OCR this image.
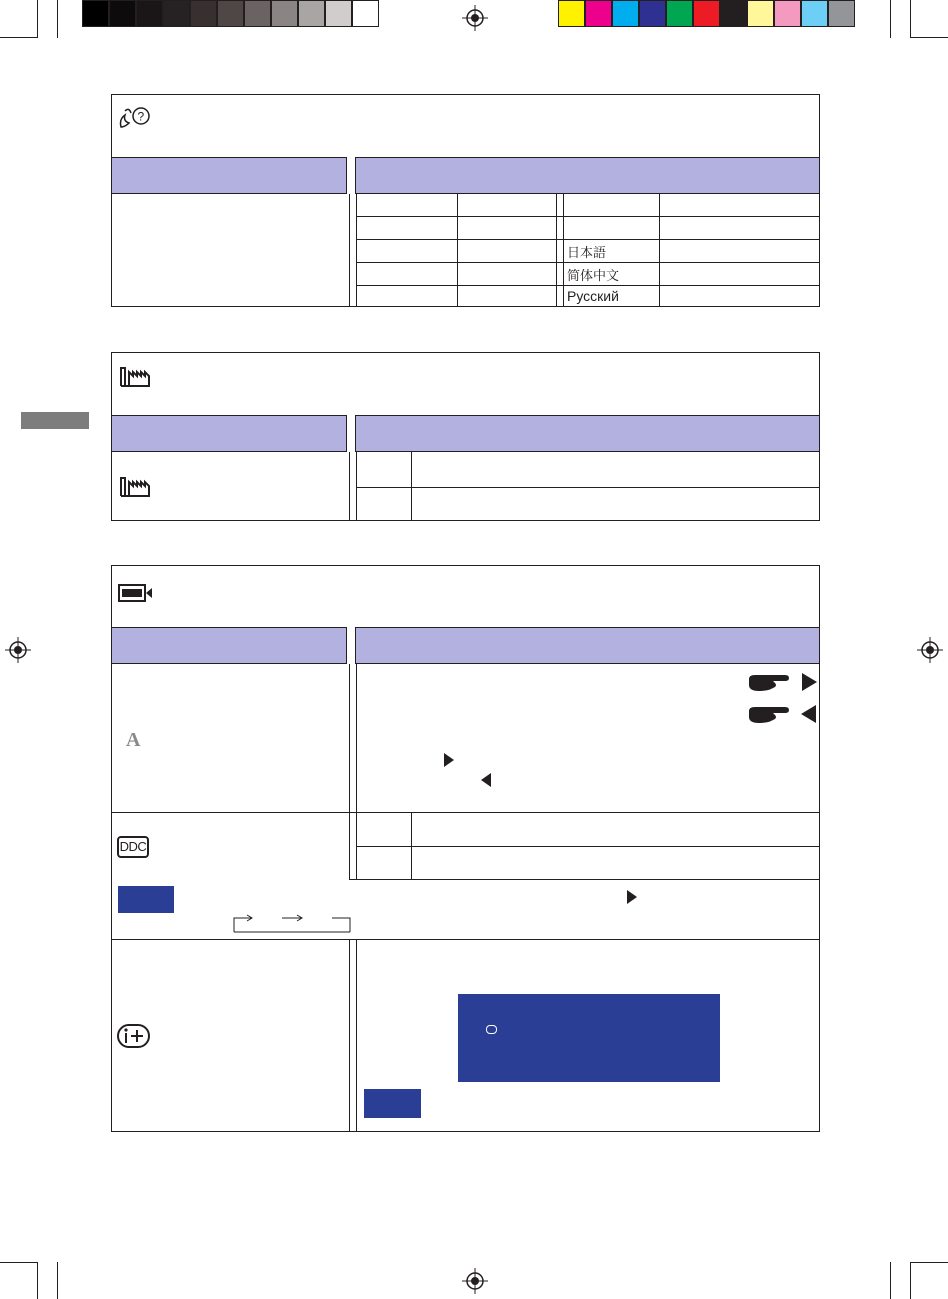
?
日本語
简体中文
Русский
A
DDC
